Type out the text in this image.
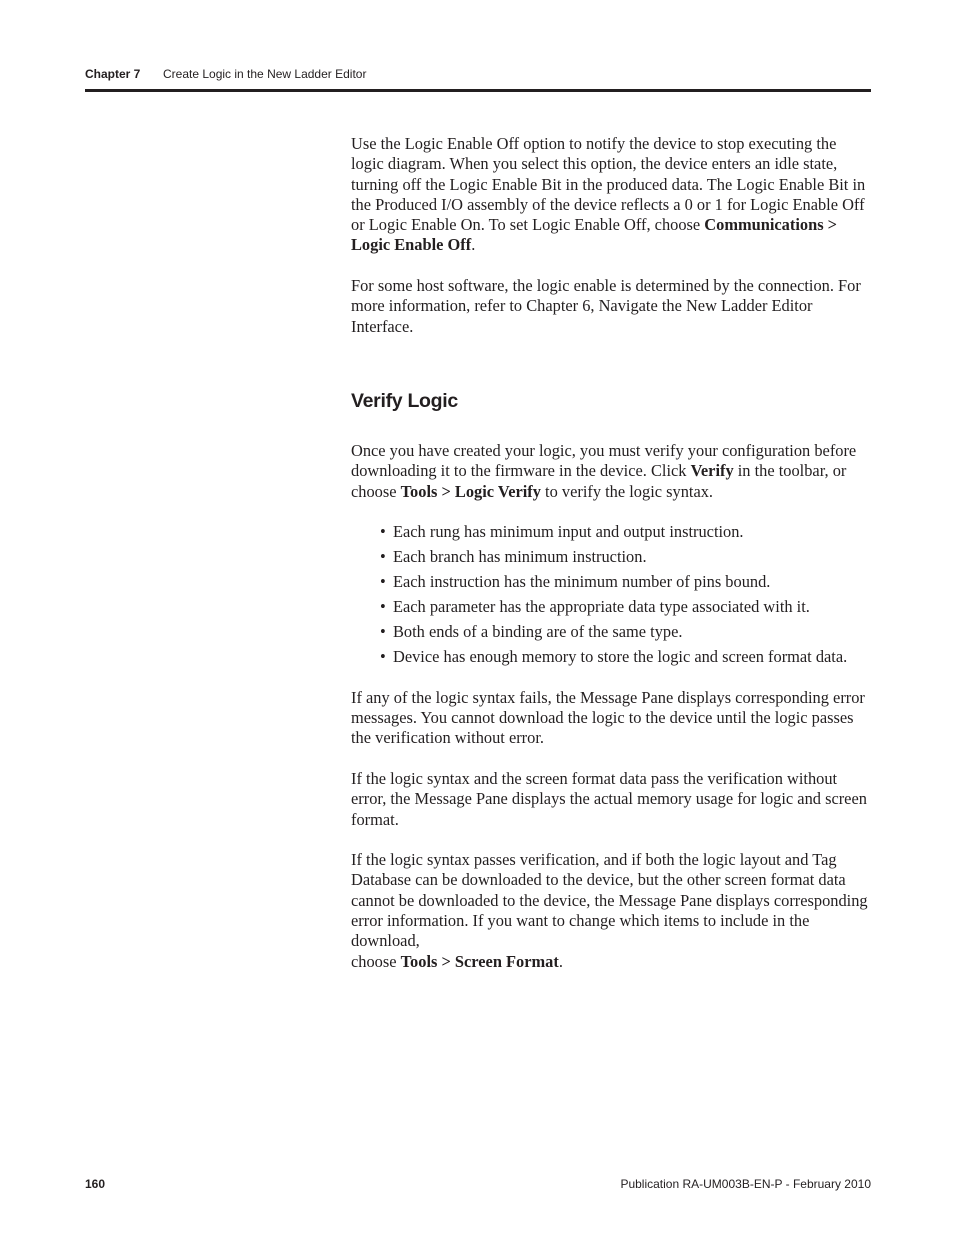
Chapter 7 Create Logic in the New Ladder Editor

Use the Logic Enable Off option to notify the device to stop executing the logic diagram. When you select this option, the device enters an idle state, turning off the Logic Enable Bit in the produced data. The Logic Enable Bit in the Produced I/O assembly of the device reflects a 0 or 1 for Logic Enable Off or Logic Enable On. To set Logic Enable Off, choose Communications > Logic Enable Off.

For some host software, the logic enable is determined by the connection. For more information, refer to Chapter 6, Navigate the New Ladder Editor Interface.

Verify Logic

Once you have created your logic, you must verify your configuration before downloading it to the firmware in the device. Click Verify in the toolbar, or choose Tools > Logic Verify to verify the logic syntax.

• Each rung has minimum input and output instruction.
• Each branch has minimum instruction.
• Each instruction has the minimum number of pins bound.
• Each parameter has the appropriate data type associated with it.
• Both ends of a binding are of the same type.
• Device has enough memory to store the logic and screen format data.

If any of the logic syntax fails, the Message Pane displays corresponding error messages. You cannot download the logic to the device until the logic passes the verification without error.

If the logic syntax and the screen format data pass the verification without error, the Message Pane displays the actual memory usage for logic and screen format.

If the logic syntax passes verification, and if both the logic layout and Tag Database can be downloaded to the device, but the other screen format data cannot be downloaded to the device, the Message Pane displays corresponding error information. If you want to change which items to include in the download,
choose Tools > Screen Format.

160	Publication RA-UM003B-EN-P - February 2010
